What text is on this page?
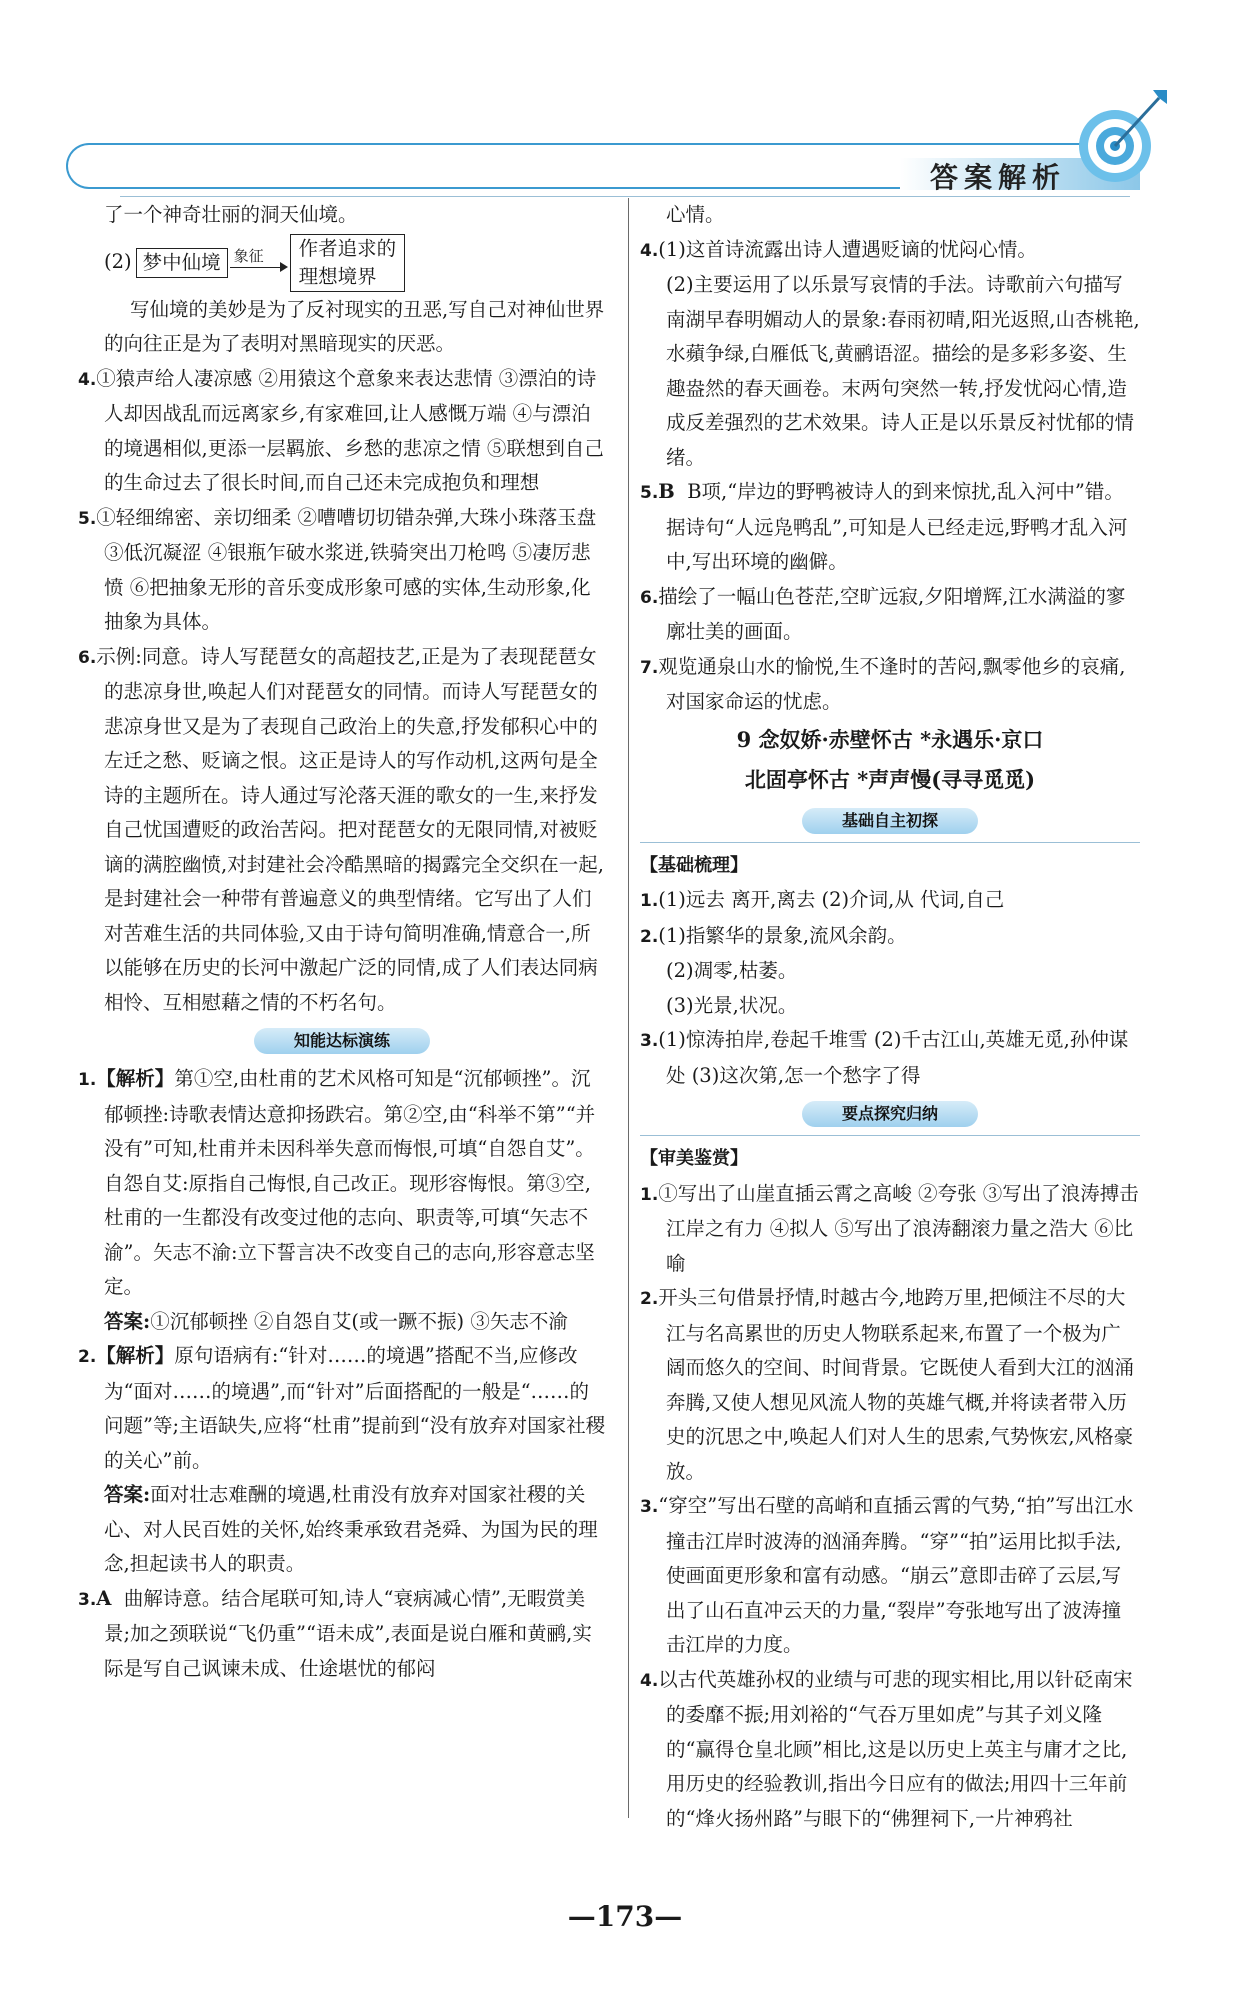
答案解析

了一个神奇壮丽的洞天仙境。

(2) 梦中仙境 象征	作者追求的
理想境界

写仙境的美妙是为了反衬现实的丑恶,写自己对神仙世界的向往正是为了表明对黑暗现实的厌恶。

4.①猿声给人凄凉感 ②用猿这个意象来表达悲情 ③漂泊的诗人却因战乱而远离家乡,有家难回,让人感慨万端 ④与漂泊的境遇相似,更添一层羁旅、乡愁的悲凉之情 ⑤联想到自己的生命过去了很长时间,而自己还未完成抱负和理想

5.①轻细绵密、亲切细柔 ②嘈嘈切切错杂弹,大珠小珠落玉盘 ③低沉凝涩 ④银瓶乍破水浆迸,铁骑突出刀枪鸣 ⑤凄厉悲愤 ⑥把抽象无形的音乐变成形象可感的实体,生动形象,化抽象为具体。

6.示例:同意。诗人写琵琶女的高超技艺,正是为了表现琵琶女的悲凉身世,唤起人们对琵琶女的同情。而诗人写琵琶女的悲凉身世又是为了表现自己政治上的失意,抒发郁积心中的左迁之愁、贬谪之恨。这正是诗人的写作动机,这两句是全诗的主题所在。诗人通过写沦落天涯的歌女的一生,来抒发自己忧国遭贬的政治苦闷。把对琵琶女的无限同情,对被贬谪的满腔幽愤,对封建社会冷酷黑暗的揭露完全交织在一起,是封建社会一种带有普遍意义的典型情绪。它写出了人们对苦难生活的共同体验,又由于诗句简明准确,情意合一,所以能够在历史的长河中激起广泛的同情,成了人们表达同病相怜、互相慰藉之情的不朽名句。

知能达标演练

1.【解析】第①空,由杜甫的艺术风格可知是“沉郁顿挫”。沉郁顿挫:诗歌表情达意抑扬跌宕。第②空,由“科举不第”“并没有”可知,杜甫并未因科举失意而悔恨,可填“自怨自艾”。自怨自艾:原指自己悔恨,自己改正。现形容悔恨。第③空,杜甫的一生都没有改变过他的志向、职责等,可填“矢志不渝”。矢志不渝:立下誓言决不改变自己的志向,形容意志坚定。

答案:①沉郁顿挫 ②自怨自艾(或一蹶不振) ③矢志不渝

2.【解析】原句语病有:“针对……的境遇”搭配不当,应修改为“面对……的境遇”,而“针对”后面搭配的一般是“……的问题”等;主语缺失,应将“杜甫”提前到“没有放弃对国家社稷的关心”前。

答案:面对壮志难酬的境遇,杜甫没有放弃对国家社稷的关心、对人民百姓的关怀,始终秉承致君尧舜、为国为民的理念,担起读书人的职责。

3.A 曲解诗意。结合尾联可知,诗人“衰病减心情”,无暇赏美景;加之颈联说“飞仍重”“语未成”,表面是说白雁和黄鹂,实际是写自己讽谏未成、仕途堪忧的郁闷

心情。

4.(1)这首诗流露出诗人遭遇贬谪的忧闷心情。

(2)主要运用了以乐景写哀情的手法。诗歌前六句描写南湖早春明媚动人的景象:春雨初晴,阳光返照,山杏桃艳,水蘋争绿,白雁低飞,黄鹂语涩。描绘的是多彩多姿、生趣盎然的春天画卷。末两句突然一转,抒发忧闷心情,造成反差强烈的艺术效果。诗人正是以乐景反衬忧郁的情绪。

5.B B项,“岸边的野鸭被诗人的到来惊扰,乱入河中”错。据诗句“人远凫鸭乱”,可知是人已经走远,野鸭才乱入河中,写出环境的幽僻。

6.描绘了一幅山色苍茫,空旷远寂,夕阳增辉,江水满溢的寥廓壮美的画面。

7.观览通泉山水的愉悦,生不逢时的苦闷,飘零他乡的哀痛,对国家命运的忧虑。

9 念奴娇·赤壁怀古 *永遇乐·京口
北固亭怀古 *声声慢(寻寻觅觅)
基础自主初探

【基础梳理】

1.(1)远去 离开,离去 (2)介词,从 代词,自己

2.(1)指繁华的景象,流风余韵。

(2)凋零,枯萎。

(3)光景,状况。

3.(1)惊涛拍岸,卷起千堆雪 (2)千古江山,英雄无觅,孙仲谋处 (3)这次第,怎一个愁字了得

要点探究归纳

【审美鉴赏】

1.①写出了山崖直插云霄之高峻 ②夸张 ③写出了浪涛搏击江岸之有力 ④拟人 ⑤写出了浪涛翻滚力量之浩大 ⑥比喻

2.开头三句借景抒情,时越古今,地跨万里,把倾注不尽的大江与名高累世的历史人物联系起来,布置了一个极为广阔而悠久的空间、时间背景。它既使人看到大江的汹涌奔腾,又使人想见风流人物的英雄气概,并将读者带入历史的沉思之中,唤起人们对人生的思索,气势恢宏,风格豪放。

3.“穿空”写出石壁的高峭和直插云霄的气势,“拍”写出江水撞击江岸时波涛的汹涌奔腾。“穿”“拍”运用比拟手法,使画面更形象和富有动感。“崩云”意即击碎了云层,写出了山石直冲云天的力量,“裂岸”夸张地写出了波涛撞击江岸的力度。

4.以古代英雄孙权的业绩与可悲的现实相比,用以针砭南宋的委靡不振;用刘裕的“气吞万里如虎”与其子刘义隆的“赢得仓皇北顾”相比,这是以历史上英主与庸才之比,用历史的经验教训,指出今日应有的做法;用四十三年前的“烽火扬州路”与眼下的“佛狸祠下,一片神鸦社

—173—
